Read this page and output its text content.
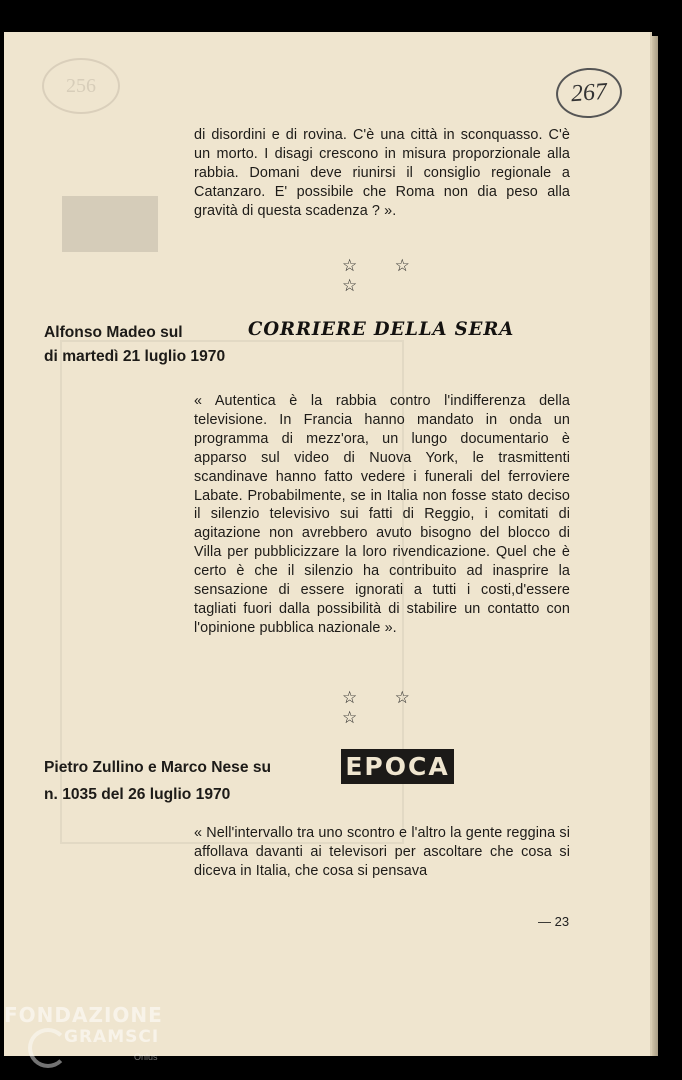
256	267

di disordini e di rovina. C'è una città in sconquasso. C'è un morto. I disagi crescono in misura proporzionale alla rabbia. Domani deve riunirsi il consiglio regionale a Catanzaro. E' possibile che Roma non dia peso alla gravità di questa scadenza ? ».

☆ ☆ ☆
Alfonso Madeo sul	CORRIERE DELLA SERA
di martedì 21 luglio 1970

« Autentica è la rabbia contro l'indifferenza della televisione. In Francia hanno mandato in onda un programma di mezz'ora, un lungo documentario è apparso sul video di Nuova York, le trasmittenti scandinave hanno fatto vedere i funerali del ferroviere Labate. Probabilmente, se in Italia non fosse stato deciso il silenzio televisivo sui fatti di Reggio, i comitati di agitazione non avrebbero avuto bisogno del blocco di Villa per pubblicizzare la loro rivendicazione. Quel che è certo è che il silenzio ha contribuito ad inasprire la sensazione di essere ignorati a tutti i costi,d'essere tagliati fuori dalla possibilità di stabilire un contatto con l'opinione pubblica nazionale ».

☆ ☆ ☆
Pietro Zullino e Marco Nese su	EPOCA
n. 1035 del 26 luglio 1970

« Nell'intervallo tra uno scontro e l'altro la gente reggina si affollava davanti ai televisori per ascoltare che cosa si diceva in Italia, che cosa si pensava

— 23
FONDAZIONE
GRAMSCI
Onlus
